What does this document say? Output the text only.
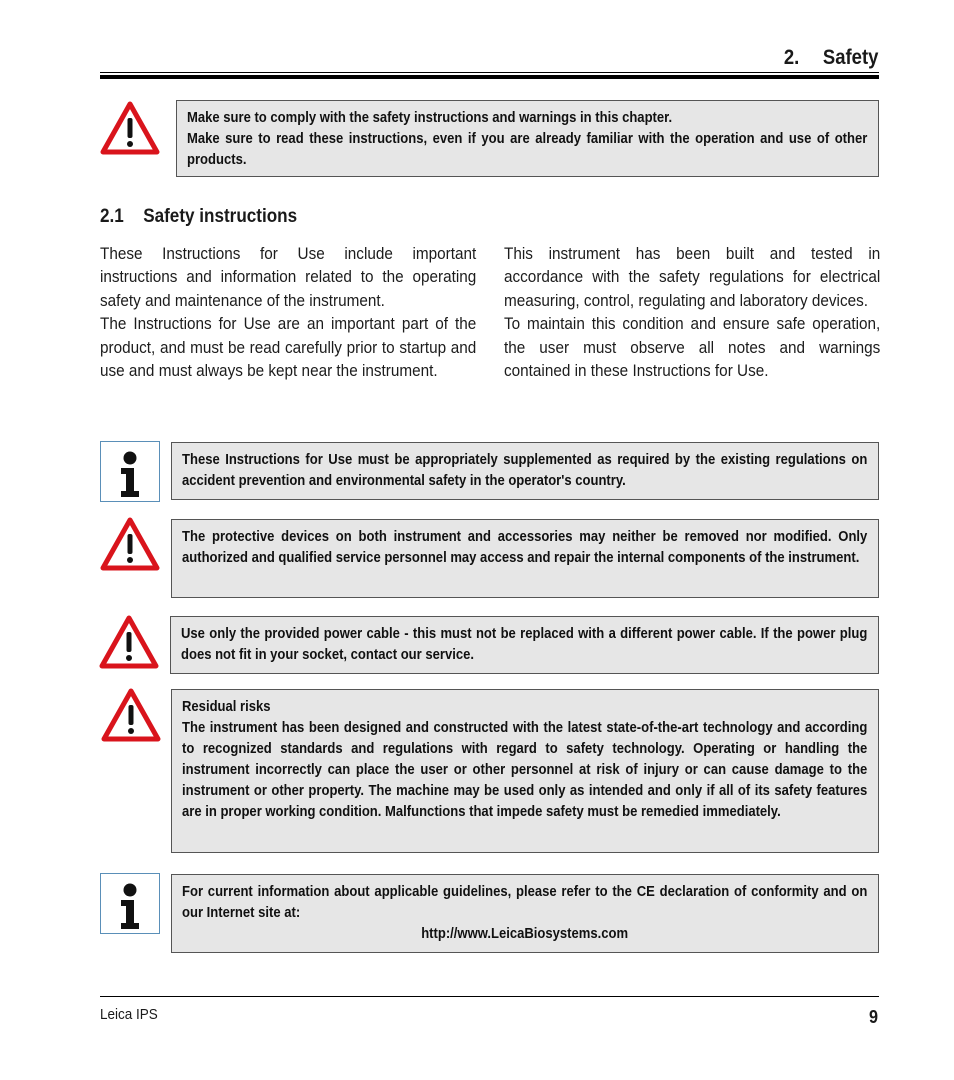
2.  Safety

Make sure to comply with the safety instructions and warnings in this chapter.

Make sure to read these instructions, even if you are already familiar with the operation and use of other products.

2.1 Safety instructions

These Instructions for Use include important instructions and information related to the operating safety and maintenance of the instrument.

The Instructions for Use are an important part of the product, and must be read carefully prior to startup and use and must always be kept near the instrument.

This instrument has been built and tested in accordance with the safety regulations for electrical measuring, control, regulating and laboratory devices.

To maintain this condition and ensure safe operation, the user must observe all notes and warnings contained in these Instructions for Use.

These Instructions for Use must be appropriately supplemented as required by the existing regulations on accident prevention and environmental safety in the operator's country.

The protective devices on both instrument and accessories may neither be removed nor modified. Only authorized and qualified service personnel may access and repair the internal components of the instrument.

Use only the provided power cable - this must not be replaced with a different power cable. If the power plug does not fit in your socket, contact our service.

Residual risks

The instrument has been designed and constructed with the latest state-of-the-art technology and according to recognized standards and regulations with regard to safety technology. Operating or handling the instrument incorrectly can place the user or other personnel at risk of injury or can cause damage to the instrument or other property. The machine may be used only as intended and only if all of its safety features are in proper working condition. Malfunctions that impede safety must be remedied immediately.

For current information about applicable guidelines, please refer to the CE declaration of conformity and on our Internet site at:

http://www.LeicaBiosystems.com

Leica IPS	9
